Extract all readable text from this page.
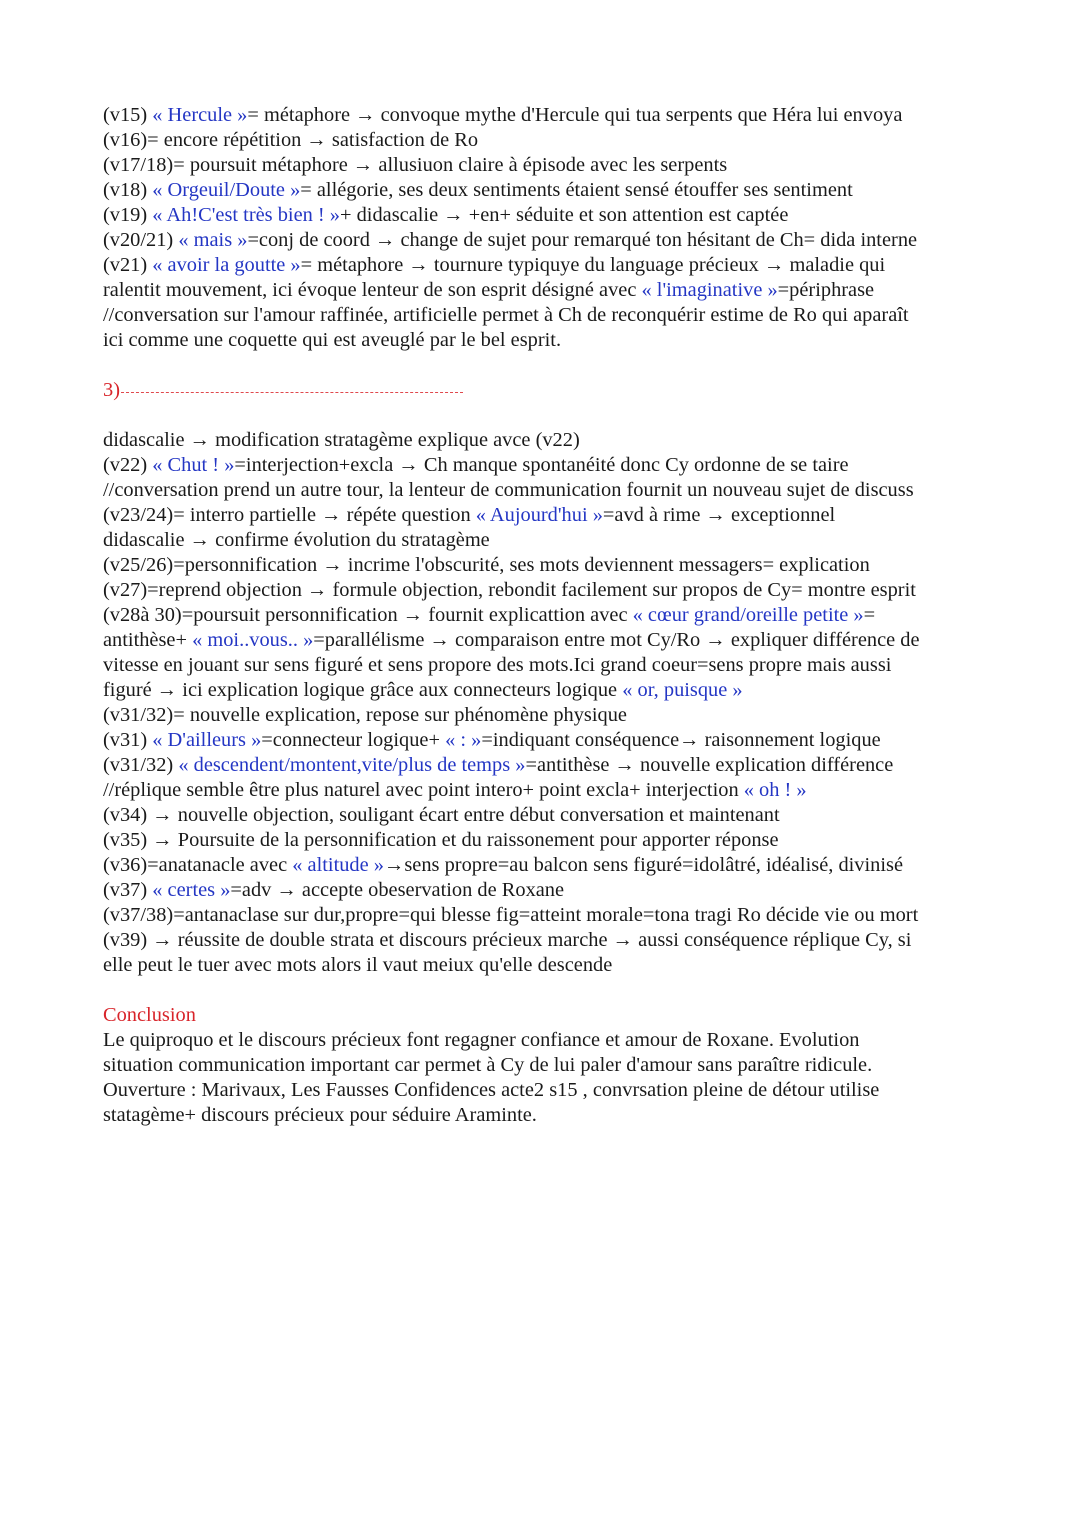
(v15) « Hercule »= métaphore → convoque mythe d'Hercule qui tua serpents que Héra lui envoya
(v16)= encore répétition → satisfaction de Ro
(v17/18)= poursuit métaphore → allusiuon claire à épisode avec les serpents
(v18) « Orgeuil/Doute »= allégorie, ses deux sentiments étaient sensé étouffer ses sentiment
(v19) « Ah!C'est très bien ! »+ didascalie → +en+ séduite et son attention est captée
(v20/21) « mais »=conj de coord → change de sujet pour remarqué ton hésitant de Ch= dida interne
(v21) « avoir la goutte »= métaphore → tournure typiquye du language précieux → maladie qui
ralentit mouvement, ici évoque lenteur de son esprit désigné avec « l'imaginative »=périphrase
//conversation sur l'amour raffinée, artificielle permet à Ch de reconquérir estime de Ro qui aparaît
ici comme une coquette qui est aveuglé par le bel esprit.
3)
didascalie → modification stratagème explique avce (v22)
(v22) « Chut ! »=interjection+excla → Ch manque spontanéité donc Cy ordonne de se taire
//conversation prend un autre tour, la lenteur de communication fournit un nouveau sujet de discuss
(v23/24)= interro partielle → répéte question « Aujourd'hui »=avd à rime → exceptionnel
didascalie → confirme évolution du stratagème
(v25/26)=personnification → incrime l'obscurité, ses mots deviennent messagers= explication
(v27)=reprend objection → formule objection, rebondit facilement sur propos de Cy= montre esprit
(v28à 30)=poursuit personnification → fournit explicattion avec « cœur grand/oreille petite »=
antithèse+ « moi..vous.. »=parallélisme → comparaison entre mot Cy/Ro → expliquer différence de
vitesse en jouant sur sens figuré et sens propore des mots.Ici grand coeur=sens propre mais aussi
figuré → ici explication logique grâce aux connecteurs logique « or, puisque »
(v31/32)= nouvelle explication, repose sur phénomène physique
(v31) « D'ailleurs »=connecteur logique+ « : »=indiquant conséquence→ raisonnement logique
(v31/32) « descendent/montent,vite/plus de temps »=antithèse → nouvelle explication différence
//réplique semble être plus naturel avec point intero+ point excla+ interjection « oh ! »
(v34) → nouvelle objection, souligant écart entre début conversation et maintenant
(v35) → Poursuite de la personnification et du raissonement pour apporter réponse
(v36)=anatanacle avec « altitude »→sens propre=au balcon sens figuré=idolâtré, idéalisé, divinisé
(v37) « certes »=adv → accepte obeservation de Roxane
(v37/38)=antanaclase sur dur,propre=qui blesse fig=atteint morale=tona tragi Ro décide vie ou mort
(v39) → réussite de double strata et discours précieux marche → aussi conséquence réplique Cy, si
elle peut le tuer avec mots alors il vaut meiux qu'elle descende
Conclusion
Le quiproquo et le discours précieux font regagner confiance et amour de Roxane. Evolution
situation communication important car permet à Cy de lui paler d'amour sans paraître ridicule.
Ouverture : Marivaux, Les Fausses Confidences acte2 s15 , convrsation pleine de détour utilise
statagème+ discours précieux pour séduire Araminte.
